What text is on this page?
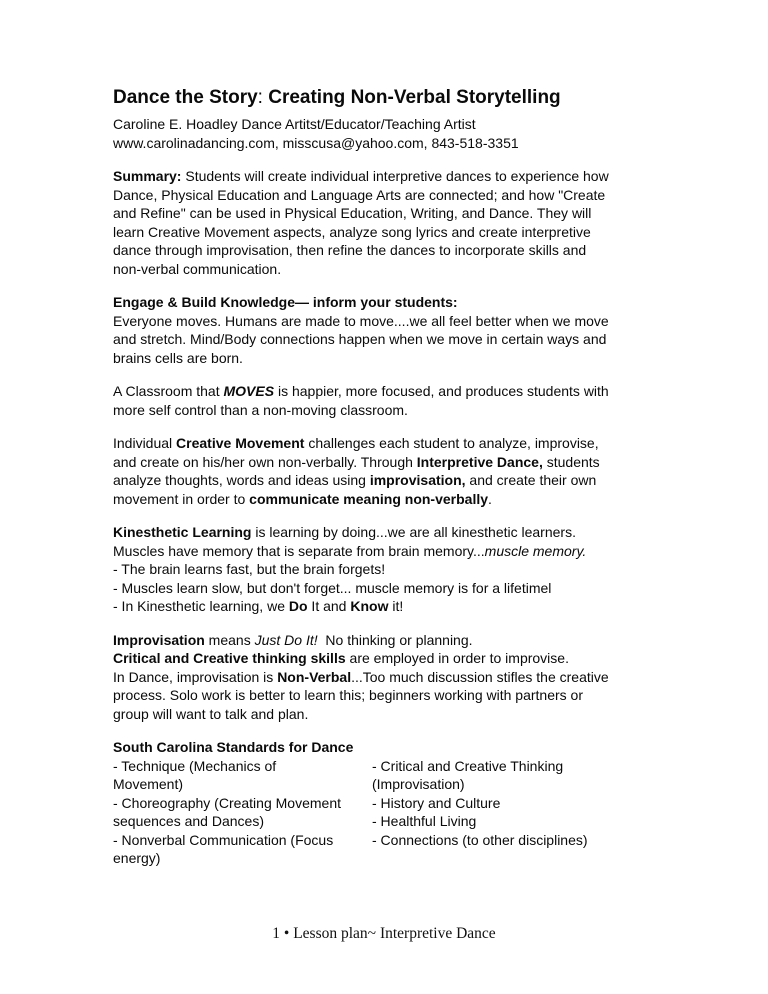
Dance the Story: Creating Non-Verbal Storytelling
Caroline E. Hoadley Dance Artitst/Educator/Teaching Artist
www.carolinadancing.com, misscusa@yahoo.com, 843-518-3351
Summary: Students will create individual interpretive dances to experience how
Dance, Physical Education and Language Arts are connected; and how "Create
and Refine" can be used in Physical Education, Writing, and Dance. They will
learn Creative Movement aspects, analyze song lyrics and create interpretive
dance through improvisation, then refine the dances to incorporate skills and
non-verbal communication.
Engage & Build Knowledge— inform your students:
Everyone moves. Humans are made to move....we all feel better when we move
and stretch. Mind/Body connections happen when we move in certain ways and
brains cells are born.
A Classroom that MOVES is happier, more focused, and produces students with
more self control than a non-moving classroom.
Individual Creative Movement challenges each student to analyze, improvise,
and create on his/her own non-verbally. Through Interpretive Dance, students
analyze thoughts, words and ideas using improvisation, and create their own
movement in order to communicate meaning non-verbally.
Kinesthetic Learning is learning by doing...we are all kinesthetic learners.
Muscles have memory that is separate from brain memory...muscle memory.
- The brain learns fast, but the brain forgets!
- Muscles learn slow, but don't forget... muscle memory is for a lifetimel
- In Kinesthetic learning, we Do It and Know it!
Improvisation means Just Do It!  No thinking or planning.
Critical and Creative thinking skills are employed in order to improvise.
In Dance, improvisation is Non-Verbal...Too much discussion stifles the creative
process. Solo work is better to learn this; beginners working with partners or
group will want to talk and plan.
South Carolina Standards for Dance
- Technique (Mechanics of
Movement)
- Choreography (Creating Movement
sequences and Dances)
- Nonverbal Communication (Focus
energy)
- Critical and Creative Thinking
(Improvisation)
- History and Culture
- Healthful Living
- Connections (to other disciplines)
1 • Lesson plan~ Interpretive Dance
